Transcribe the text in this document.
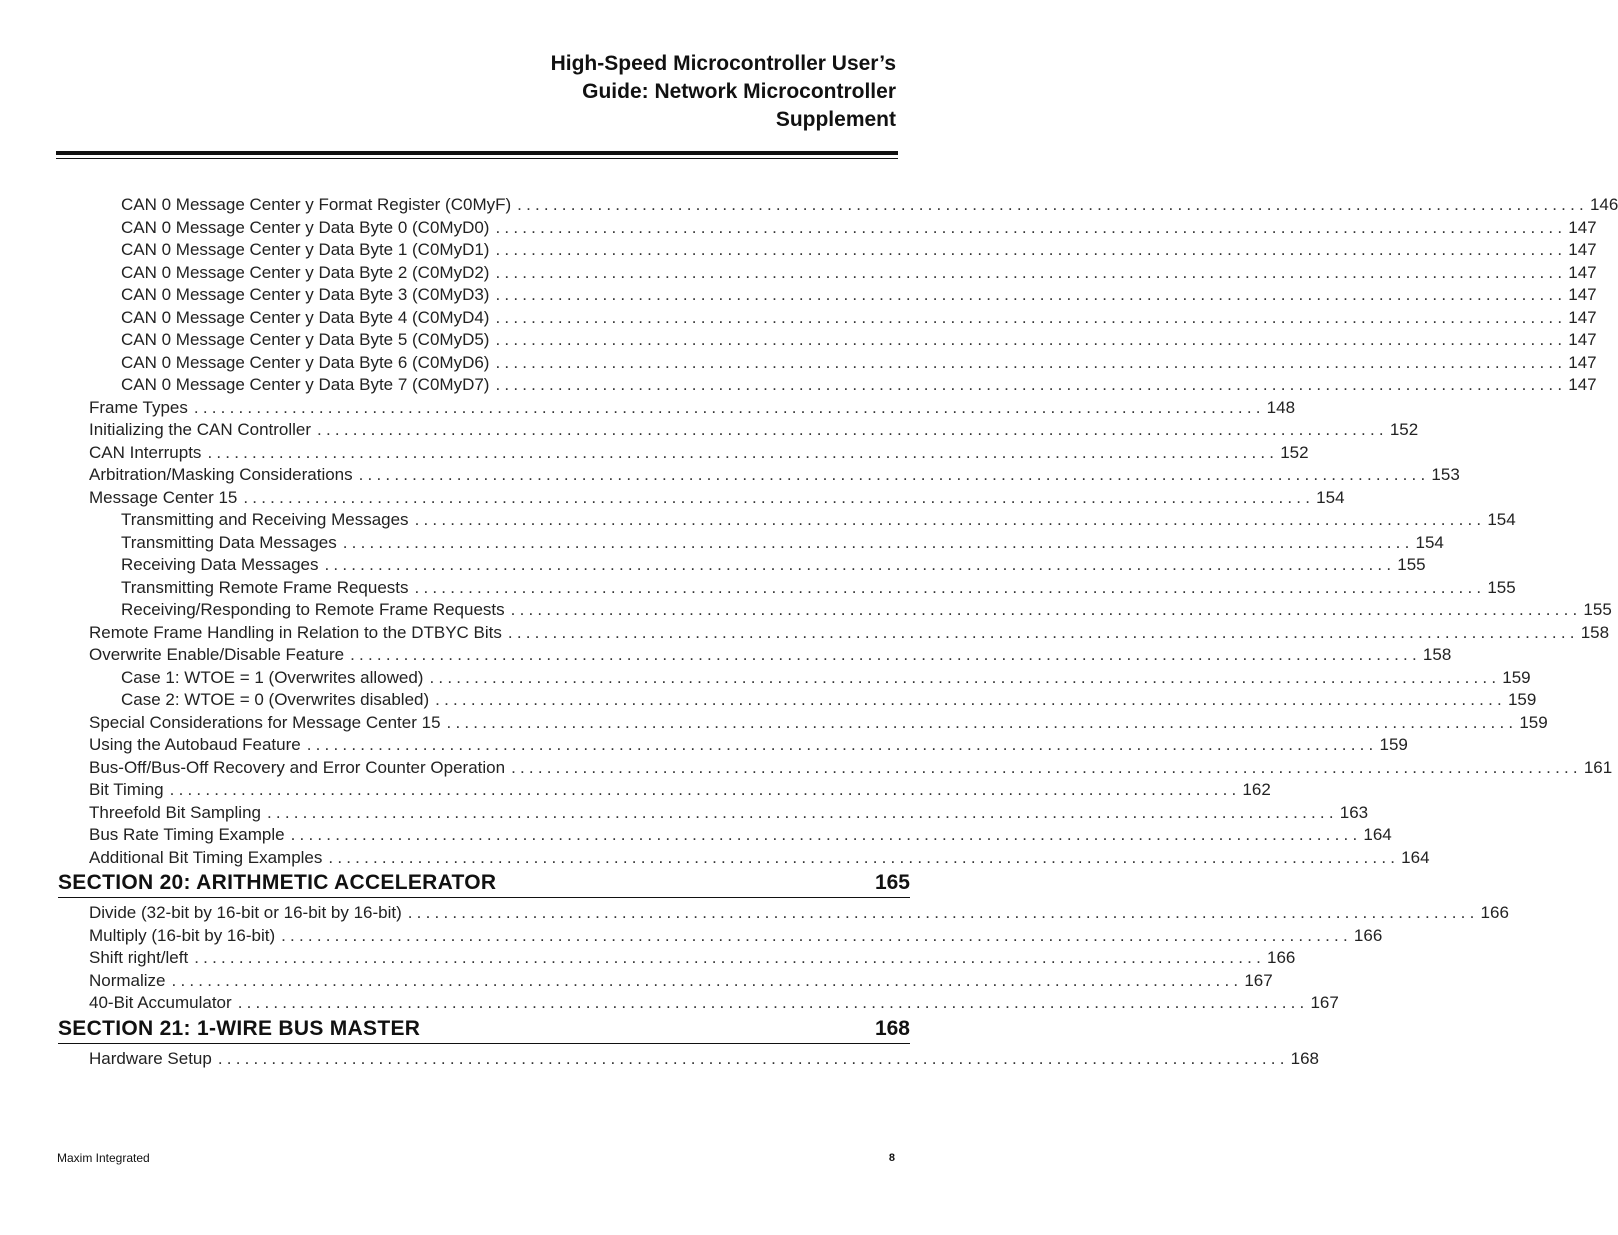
High-Speed Microcontroller User’s
Guide: Network Microcontroller
Supplement
CAN 0 Message Center y Format Register (C0MyF) ........................................................................................................................ 146
CAN 0 Message Center y Data Byte 0 (C0MyD0) ........................................................................................................................ 147
CAN 0 Message Center y Data Byte 1 (C0MyD1) ........................................................................................................................ 147
CAN 0 Message Center y Data Byte 2 (C0MyD2) ........................................................................................................................ 147
CAN 0 Message Center y Data Byte 3 (C0MyD3) ........................................................................................................................ 147
CAN 0 Message Center y Data Byte 4 (C0MyD4) ........................................................................................................................ 147
CAN 0 Message Center y Data Byte 5 (C0MyD5) ........................................................................................................................ 147
CAN 0 Message Center y Data Byte 6 (C0MyD6) ........................................................................................................................ 147
CAN 0 Message Center y Data Byte 7 (C0MyD7) ........................................................................................................................ 147
Frame Types ........................................................................................................................ 148
Initializing the CAN Controller ........................................................................................................................ 152
CAN Interrupts ........................................................................................................................ 152
Arbitration/Masking Considerations ........................................................................................................................ 153
Message Center 15 ........................................................................................................................ 154
Transmitting and Receiving Messages ........................................................................................................................ 154
Transmitting Data Messages ........................................................................................................................ 154
Receiving Data Messages ........................................................................................................................ 155
Transmitting Remote Frame Requests ........................................................................................................................ 155
Receiving/Responding to Remote Frame Requests ........................................................................................................................ 155
Remote Frame Handling in Relation to the DTBYC Bits ........................................................................................................................ 158
Overwrite Enable/Disable Feature ........................................................................................................................ 158
Case 1: WTOE = 1 (Overwrites allowed) ........................................................................................................................ 159
Case 2: WTOE = 0 (Overwrites disabled) ........................................................................................................................ 159
Special Considerations for Message Center 15 ........................................................................................................................ 159
Using the Autobaud Feature ........................................................................................................................ 159
Bus-Off/Bus-Off Recovery and Error Counter Operation ........................................................................................................................ 161
Bit Timing ........................................................................................................................ 162
Threefold Bit Sampling ........................................................................................................................ 163
Bus Rate Timing Example ........................................................................................................................ 164
Additional Bit Timing Examples ........................................................................................................................ 164
SECTION 20: ARITHMETIC ACCELERATOR	165
Divide (32-bit by 16-bit or 16-bit by 16-bit) ........................................................................................................................ 166
Multiply (16-bit by 16-bit) ........................................................................................................................ 166
Shift right/left ........................................................................................................................ 166
Normalize ........................................................................................................................ 167
40-Bit Accumulator ........................................................................................................................ 167
SECTION 21: 1-WIRE BUS MASTER	168
Hardware Setup ........................................................................................................................ 168
Maxim Integrated	8
